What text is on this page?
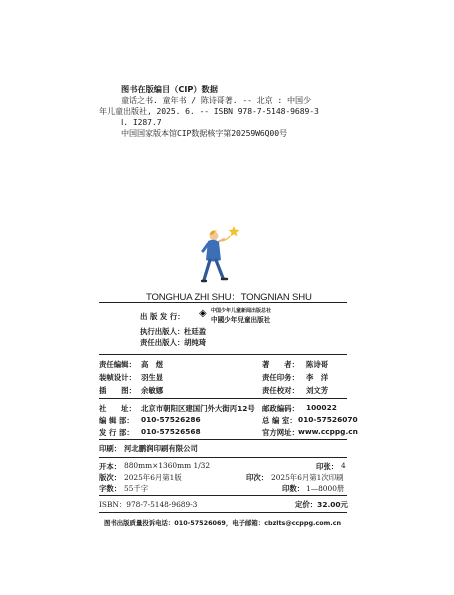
图书在版编目（CIP）数据
童话之书. 童年书 / 陈诗哥著. -- 北京 : 中国少
年儿童出版社, 2025. 6. -- ISBN 978-7-5148-9689-3
Ⅰ. I287.7
中国国家版本馆CIP数据核字第20259W6Q00号
TONGHUA ZHI SHU：TONGNIAN SHU
出 版 发 行： ◈ 中国少年儿童新闻出版总社
中國少年兒童出版社
执行出版人： 杜廷盈
责任出版人： 胡纯琦
责任编辑： 高　煜	著　　者： 陈诗哥
装帧设计： 羽生显	责任印务： 李　洋
插　　图： 余敏娜	责任校对： 刘文芳
社　　址： 北京市朝阳区建国门外大街丙12号 邮政编码： 100022
编 辑 部： 010-57526286	总 编 室： 010-57526070
发 行 部： 010-57526568	官方网址： www.ccppg.cn
印刷： 河北鹏润印刷有限公司
开本： 880mm×1360mm 1/32	印张： 4
版次： 2025年6月第1版	印次： 2025年6月第1次印刷
字数： 55千字	印数： 1—8000册
ISBN：978-7-5148-9689-3	定价：32.00元
图书出版质量投诉电话：010-57526069，电子邮箱：cbzlts@ccppg.com.cn
